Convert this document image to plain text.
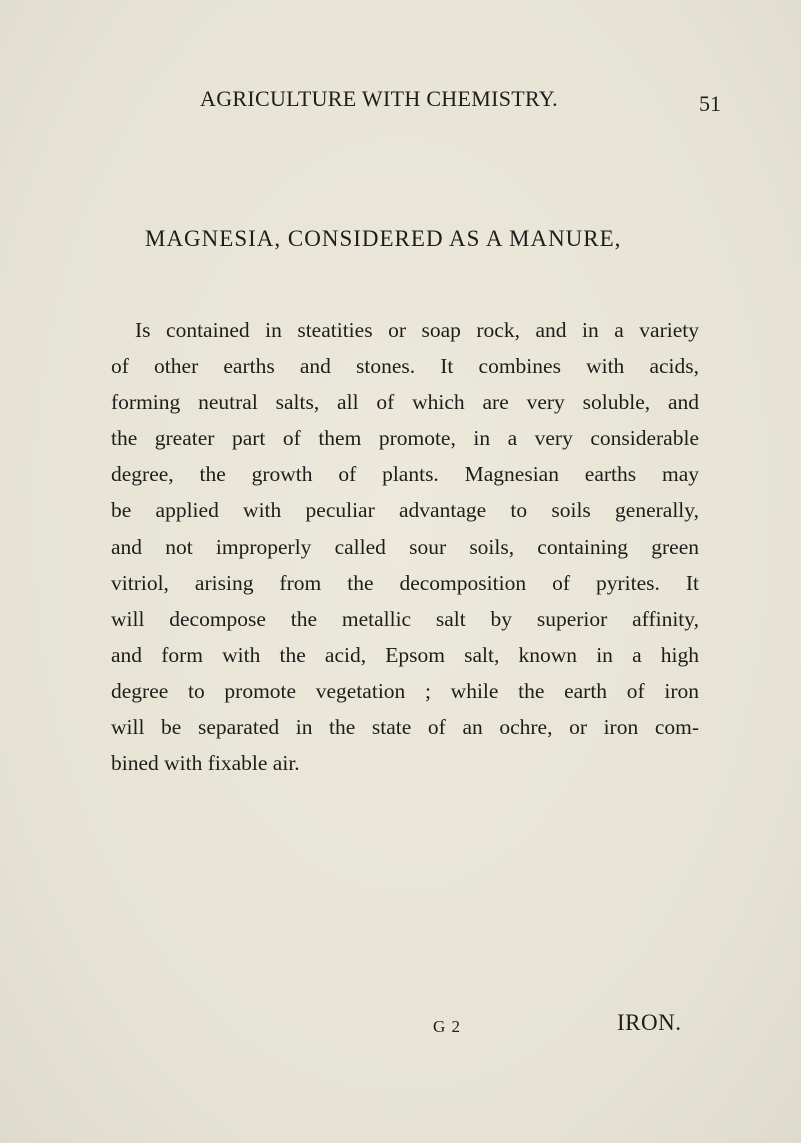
AGRICULTURE WITH CHEMISTRY.	51
MAGNESIA, CONSIDERED AS A MANURE,
Is contained in steatities or soap rock, and in a variety
of other earths and stones. It combines with acids,
forming neutral salts, all of which are very soluble, and
the greater part of them promote, in a very considerable
degree, the growth of plants. Magnesian earths may
be applied with peculiar advantage to soils generally,
and not improperly called sour soils, containing green
vitriol, arising from the decomposition of pyrites. It
will decompose the metallic salt by superior affinity,
and form with the acid, Epsom salt, known in a high
degree to promote vegetation ; while the earth of iron
will be separated in the state of an ochre, or iron com-
bined with fixable air.
G 2	IRON.
